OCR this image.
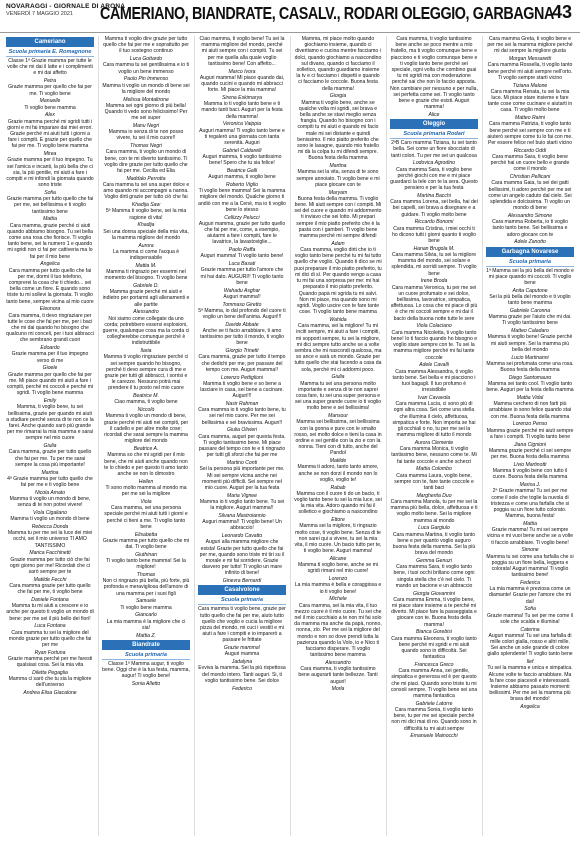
NOVARAGGI - GIORNALE DI ARONA
VENERDÌ 7 MAGGIO 2021 CAMERIANO, BIANDRATE, CASALV., RODARI OLEGGIO, GARBAGNA
43
Cameriano
Scuola primaria E. Romagnone

Classe 1ª Grazie mamma per tutte le volte che mi dai il latte e i complimenti e mi dai affetto

Petra

Grazie mamma per quello che fai per me. Ti voglio bene

Manuelle

Ti voglio bene mamma

Alex

Grazie mamma perché mi sgridi tutti i giorni e mi fai imparare dai miei errori. Grazie perché mi aiuti tutti i giorni a fare i compiti. E grazie per quello che fai per me. Ti voglio bene mamma

Mirea

Grazie mamma per il tuo impegno. Tu sei l'amica e incanti, la più bella che ci sia, la più gentile, mi aiuti a fare i compiti e mi infondi la giornata quando sono triste

Sofia

Grazie mamma per tutto quello che fai per me, sei bellissima e ti voglio tantissimo bene

Mattia

Cara mamma, grazie perché ci aiuti quando abbiamo bisogno. Tu sei bella come una rosa che fiorisce. Ti voglio tanto bene, sei la numero 1 e quando mi sgridi non ci fai per cattiveria ma lo fai per il mio bene

Angelica

Cara mamma per tutto quello che fai per me, dormi il tuo telefono, comprerei la cosa che ti chiedo... sei bella come un fiore. E quando sono triste tu mi sollevi la giornata. Ti voglio tanto bene, sempre vicina al mio cuore

Eleonora

Cara mamma, ti devo ringraziare per tutte le cose che fai per me, per i baci che mi dai quando ho bisogno che qualcuno mi conceli, per i tuoi abbracci che sembrano grandi cuori

Edoardo

Grazie mamma per il tuo impegno verso di me

Gioele

Grazie mamma per quello che fai per me. Mi piace quando mi aiuti a fare i compiti, perché mi coccoli e perché mi sgridi. Ti voglio bene mamma

Emily

Mamma, ti voglio bene, tu sei bellissima, grazie per quando mi aiuti a studiare perché senza di te non ce la farei. Anche quando sarò più grande per me rimarrai la mia mamma e sarai sempre nel mio cuore

Giulia

Cara mamma, grazie per tutto quello che fai per me. Tu per me sarai sempre la cosa più importante!

Martina

4ª Grazie mamma per tutto quello che fai per me e ti voglio bene

Nicola Amato

Mamma ti voglio un mondo di bene, senza di te non potrei vivere!

Viola Cigaliano

Mamma ti voglio un mondo di bene

Rebecca Donda

Mamma tu per me sei la luce dei miei occhi, sei il mio universo TI AMO TANTISSIMO

Marica Facchinetti

Grazie mamma per tutto ciò che fai ogni giorno per me! Ricordati che ci sarò sempre per te

Matilde Fecchi

Cara mamma grazie per tutto quello che fai per me, ti voglio bene

Daniele Fontana

Mamma tu mi aiuti a crescere e io anche per questo ti voglio un mondo di bene: per me sei il più bello dei fiori!

Luca Fontana

Cara mamma tu sei la migliore del mondo grazie per tutto quello che fai per me

Ryan Fortuna

Grazie mamma perché per me faresti qualsiasi cosa. Sei la mia vita

Diletta Pegaglia

Mamma ci sarò che tu sia la migliore dell'universo

Andrea Elisa Giacalone

Mamma ti voglio dire grazie per tutto quello che fai per me e soprattutto per il tuo sostegno continuo

Luca Gottardo

Cara mamma tu sei gentilissima e io ti voglio un bene immenso

Paolo Pin Immenso

Mamma ti voglio un mondo di bene sei la migliore del mondo

Melissa Montaltrone

Mamma sei ogni giorno di più bella! Quando ti vedo sono felicissimo! Per me sei super

Manu Negri

Mamma io senza di te non posso vivere, tu sei il mio cuore!!

Thomas Negri

Cara mamma, ti voglio un mondo di bene, con te mi diverto tantissimo. Ti voglio dire grazie per tutto quello che fai per me. Cecilia ed Elia

Maddalo Perrotta

Cara mamma tu sei una super dolce e amo quando mi accompagni a nanna. Voglio dirti grazie per tutto ciò che fai

Khadija Saw

5ª Mamma ti voglio bene, sei la mia ragione di vita!

Khadija

Sei una donna speciale della mia vita, la mamma migliore del mondo

Aurora

La mamma ci come l'acqua è indispensabile

Mattia M.

Mamma ti ringrazio per essermi nel momento del bisogno. Ti voglio bene

Gabriele D.

Mamma grazie perché mi aiuti e indietro per portarmi agli allenamenti e alle partite

Alessandro

Noi siamo come collegate da uno corda; potrebbero essersi esplosioni, guerre, qualunque cosa ma la corda ci collegherebbe comunque perché è indistruttibile

Ilaria

Mamma ti voglio ringraziare perché ci sei sempre quando ho bisogno, perché ti devo sempre cura di me e grazie per tutti gli abbracci, i sorrisi e le carezze. Nessuno potrà mai prendere il tu posto nel mio cuore

Beatrice M.

Ciao mamma, ti voglio bene

Niccolò

Mamma ti voglio un mondo di bene, grazie perché mi aiuti nei compiti, per il cadello e per altre molte cose; ricordati che sarai sempre la mamma migliore del mondo

Beatrice A.

Mamma so che mi sgridi per il mio bene, che mi aiuti anche quando non te lo chiedo e per questo ti amo tanto anche se non lo dimostro

Hellen

Ti sono molto mamma al mondo ma per me sei la migliore

Viola

Cara mamma, sei una persona speciale perché mi aiuti tutti i giorni e perché ci tieni a me. Ti voglio tanto bene

Elisabetta

Grazie mamma per tutto quello che mi dai. Ti voglio bene

Giuthinan

Ti voglio tanto bene mamma! Sei la migliore!

Thomas

Non ci ringrazio più bella, più forte, più profonda e meravigliosa dell'amore di una mamma per i suoi figli

Samuele

Ti voglio bene mamma

Giancarlo

La mia mamma è la migliore che ci sia!

Mattia Z.
Biandrate
Scuola primaria

Classe 1ª Mamma augur, ti voglio bene. Oggi che è la tua festa, mamma, augur! Ti voglio bene!

Sonia Alletto

Ciao mamma, ti voglio bene! Tu sei la mamma migliore del mondo, perché mi aiuti sempre con i compiti. Tu sei per me quella alla quale voglio tantissimo bene! Con affetto...

Marco Ivora

Auguri mamma! Mi piace quando dai, quando cucini e quando mi abbracci forte. Mi piace la mia mamma!

Sirena Eskimarya

Mamma io ti voglio tanto bene e ti mando tanti baci. Auguri per la festa della mamma!

Veronica Vaippia

Auguri mamma! Ti voglio tanto bene e ti regalerò una giornata con tanta serenità. Auguri

Gabriel Caldarelli

Auguri mamma, ti voglio tantissimo bene! Spero che tu sia felice!

Beatrice Galli

Auguri mamma, ti voglio bene

Roberto Viglio

Ti voglio bene mamma! Sei la mamma migliore del mondo. Qualche giorno ti andiò con me a la Cené, ma io ti voglio bene lo stesso

Cellizzy Pelucci

Auguri mamma, grazie per tutto quello che fai per me, come, a esempio, aiutarmi a fare i compiti, fare le lavatrice, la lavastoviglie...

Paolo Raffa

Auguri mamma! Ti voglio tanto bene!

Luca Basati

Grazie mamma per tutto l'amore che mi hai dato. AUGURI!! Ti voglio tanto bene

Wahadu Asghar

Auguri mamma!!

Tommaso Giretto

5ª Mamma, io dal profondo del cuore ti voglio un bene dell'anima. Auguri!!!

Davide Abbate

Anche se ti facio arrabbiare, ti amo tantissimo per tutto il mondo, ti voglio bene

Giorgio Trinetti

Cara mamma, grazie per tutto il tempo che dedichi per me, per passare del tempo con me. Auguri mamma!!

Lorenzo Pettiglioni

Mamma ti voglio bene e so bene a lasciare in casa, sei bene a cucinare. Auguri!!!

Nasir Rahman

Cara mamma io ti voglio tanto bene, tu sei nel mio cuore. Per me sei bellissima e sei bravissima. Auguri!!

Giulia Olivieri

Cara mamma, auguri per questa festa. Ti voglio tantissimo bene. Mi piace passare del tempo con te e ti ringrazio per tutti gli sforzi che fai per me

Martino Conti

Sei la persona più importante per me. Mi sei sempre vicina anche nei momenti più difficili. Sei sempre nel mio cuore. Auguri per la tua festa

Maria Vignee

Mamma io ti voglio tanto bene. Tu sei la migliore. Auguri mamma!!

Silvana Mastroiannio

Auguri mamma!! Ti voglio bene! Un abbraccio!

Leonardo Cavatto

Auguri alla mamma migliore che esista! Grazie per tutto quello che fai per me, quando sono triste mi tiri su il morale e mi fai sorridere. Grazie davvero per tutto! Ti voglio un mare infinito di bene!

Ginevra Bernardi
Casalvolone
Scuola primaria

Cara mamma ti voglio bene, grazie per tutto quello che fai per me, aiuto tutto quello che voglio e cucia la migliore pizza del mondo, mi cuci i vestiti e mi aiuti a fare i compiti e io imparerò a passare le frittate

Grazie mamma!

Auguri mamma

Jadalyna

Evviva la mamma. Sei la più rispettosa del mondo intero. Tanti auguri. Si, ti voglio tantissimo bene. Sei dolce

Federico

Mamma, mi piace molto quando giochiamo insieme, quando ci divertiamo e cucina mentre facciamo i dolci, quando giochiamo a nascondino sul divano, quando ci facciamo il solletico, quando guardiamo insieme la tv e ci facciamo i dispetti e quando ci facciamo le coccole. Buona festa della mamma!

Giorgia

Mamma ti voglio bene, anche se qualche volta mi sgridi, sei brava e bella anche se stavi meglio senza frangia. Quando ho bisogno con i compiti tu mi aiuti e quando mi facio male mi sei distante e quindi benissimo. Il mio piatto preferito che sono le lasagne, quando mio fratello mi dà la colpa tu mi difendi sempre. Buona festa della mamma

Martina

Mamma sei la vita, senza di te sono sempre annoiato. Ti voglio bene e mi piace giocare con te

Maryam

Buona festa della mamma. Ti voglio bene. Mi aiuti sempre con i compiti. Mi sei del cuore e quando mi addormento ti inviavo che sei lotto. Mi prepari sempre il mio piatto preferito che è la pasta con i gamberi. Ti voglio bene mamma perché mi sempre difendi

Adam

Cara mamma, voglio dirti che io ti voglio tanto bene perché tu mi fai tutto quello che voglio. Quando ti dico se mi puoi preparare il mio piatto preferito, tu mi dici di sì. Per quando vengo a casa tu mi fai una sorpresa per me: mi hai preparato il mio piatto preferito. Quando papà mi sgrida tu mi salvi. Non mi piace, ma quando sono mi sgridi. Voglio uscire con te fare tante cose. Ti voglio tanto bene mamma

Wahida

Cara mamma, sei la migliore! Tu mi inciti sempre, mi aiuti a fare i compiti, mi sopporti sempre, tu sei la migliore, mi dici sempre tutto anche se a volte sembra che mi nascondi qualcosa, ma so ance e sarà un mondo. Grazie per tutto quello che stai facendo a casa da sola, perché mi ci addormi poco.

Giulia

Mamma tu sei una persona molto importante e senza di te non saprei cosa fare, tu sei una super persona e sei una super grande cuore io ti voglio molto bene e sei bellissima!

Mansour

Mamma sei bellissima, sei bellissima con la gonna e pure con le smalto rosso, sei molto dolce e tieni la casa in ordine e sei gentile con la zio e con la nonna. Tieni con di tutto, anche del Pandol

Matilde

Mamma ti adoro, tanto tanto amore, anche se non dorzi il mondo non lo voglio, voglio te!

Rabab

Mamma con il cuore ti do un bacio, ti voglio tanto bene tu sei la mia luce, sei la mia vita. Adoro quando mi fai il solletico e giochiamo a nascondino

Ettore

Mamma sei la migliore, ti ringrazio molto cose, ti voglio bene. Senza di te non sarei qui a vivere, tu sei la mia vita, il mio cuore. Un bacio tutto per te, ti voglio bene. Auguri mamma!

Alicane

Mamma ti voglio bene, anche se mi sgridi rimani nel mio cuore!

Lorenzo

La mia mamma è bella e coraggiosa e io ti voglio bene!

Michele

Cara mamma, sei la mia vita, il tuo mezzo cuore è il mio cuore. Tu sei che nel il mio cucchiaio a te non mi fai solo da mamma ma anche da papà, nonno, nonna, zio. Per me sei la migliore del mondo e non so dove prendi tutta la pazienza quando la Volo, io e Nico ti facciamo disperare. Ti voglio tantissimo bene mamma

Alessandro

Cara mamma, ti voglio tantissimo bene augurarti tante bellezze. Tanti auguri!

Morla

Cara mamma, ti voglio tantissimo bene anche se poco mentre a mio fratello, ma ti voglio comunque bene e piacciono e ti voglio comunque bene e ti voglio tanto bene perché sei speciale, ogni volta che combino guai tu mi sgridi ma con moderazione perché sai che non lo faccio apposta. Non cambiare per nessuno e per nulla, sei perfetta come sei. Ti voglio tanto bene e grazie che esisti. Auguri mamma!

Alice
Oleggio
Scuola primaria Rodari

2ªB Caro mamma Tiziana, tu sei tanto bella. Sei come un fiore sbocciato di tanti colori. Tu per me sei un qualcosa

Lodovica Agrodino

Cara mamma Sara, ti voglio bene perché giochi con me e mi piace guardarci la tele con te la sera. Questo pensiero e per la tua festa

Martina Bacchi

Cara mamma Lorena, sei bella, hai dei bei capelli, sei brava a disegnare e a guidare. Ti voglio molto bene

Riccardo Bonomi

Cara mamma Cristina, i miei occhi ti ho dicono tutti i giorni quanto ti voglio bene

Hanan Brugola M.

Cara mamma Silvia, tu sei la migliore mamma del mondo, sei solare e splendida, mi sorridi sempre. Ti voglio bene

Irene Broda

Cara mamma Veronica, tu per me sei un cuore profumato e sei dolce, bellissima, lavoratrice, simpatica, affettuosa. Lo cosa che mi piace di più è che mi coccoli sempre e mi dai il bacio della buona notte tutte le sere

Viola Colaciano

Cara mamma Nicoletta, ti voglio tanto bene! Io ti faccio quando ho bisogno e voglio stare sempre con te. Tu sei la mamma migliore perché mi fai tante coccole

Adele Cavalli

Cara mamma Alessandra, ti voglio tanto bene. Sei bella e mi piacciono i tuoi bagagli. Il tuo profumo è irresistibile

Ivan Cavavola

Cara mamma Lucia, ci sono più di ogni altra cosa. Sei come una stella che illumina il cielo, affettuosa, simpatica e forte. Non importa se hai gli occhiali o no, tu per me sei la mamma migliore di tutto il mondo

Aurora Clemente

Cara mamma Monica, ti voglio tantissimo bene, nessuno come te. Mi fai tante coccole e anche scherzi

Mattia Colombo

Cara mamma Laura, voglio bene, sempre con te, fare tante coccole e tanti baci

Margherita Duo

Cara mamma Manola, tu per me sei la mamma più bella, dolce, affettuosa e ti voglio molto bene. Sei la migliore mamma al mondo

Luca Gargiulo

Cara mamma Martina, ti voglio tanto bene e per quanto voglio auguro buona festa della mamma. Sei la più brava del mondo

Gemma Genuzi

Cara mamma Sara, ti voglio tanto bene, i tuoi occhi brillano come ogni singola stella che c'è nel cielo. Ti mando un bacione e un abbraccio

Giorgia Giovannini

Cara mamma Emma, ti voglio bene, mi piace stare insieme a te perché mi diverto. Mi piace fare la passeggiata e giocare con te. Buona festa della mamma!

Bianca Gorebisi

Cara mamma Eleonora, ti voglio tanto bene perché mi sgridi e mi aiuti quando sono in difficoltà. Sei fantastica

Francesca Greco

Cara mamma Anna, sei gentile, simpatica e generosa ed è per questo che mi piaci. Quando sono triste tu mi consoli sempre. Ti voglio bene sei una mamma fantastica

Gabriele Latorre

Cara mamma Sonia, ti voglio tanto bene, tu per me sei speciale perché non mi dici mai di no. Quando sono in difficoltà tu mi aiuti sempre

Emanuele Mainocchi

Cara mamma Greta, ti voglio bene e per me sei la mamma migliore perché mi dai sempre la migliore giusta

Morgan Messaretti

Cara mamma Rossella, ti voglio tanto bene perché mi aiuti sempre nell'orto. Ti voglio sempre starti vicino

Tiziana Malone

Cara mamma Renata, tu sei la mia luce. Mi piace stare insieme e fare tante cose come cucinare e aiutarti in casa. Ti voglio molto bene

Matteo Raimi

Cara mamma Patrizia, ti voglio tanto bene perché sei sempre con me e ti aiuterò sempre come tu lo fai con me. Per essere felice nel buio starti vicino

Riccardo Oddi

Cara mamma Sara, ti voglio bene perché hai un cuore bello e grande come il mondo

Christian Pellicani

Cara mamma Gaia, tu sei dei gatti bellissimi, ti adoro perché per me sei come un angelo caduto dal cielo. Sei splendida e dolcissima. Ti voglio un mondo di bene

Alessandro Simone

Cara mamma Roberta, io ti voglio tanto tanto bene. Sei bellissima e adoro giocare con te

Adele Zanotto
Garbagna Novarese
Scuola primaria

1ª Mamma sei la più bella del mondo e mi piace quando mi coccoli. Ti voglio bene

Anita Caputone

Sei la più bella del mondo e ti voglio tanto bene mamma

Gabriele Caronna

Mamma grazie per l'aiuto che mi dai. Ti voglio tantissimo bene

Matteo Caladaro

Mamma ti voglio bene! Grazie perché mi aiuti sempre. Sei la mamma più bella del mondo

Lucio Martinanni

Mamma sei profumata come una rosa. Buona festa della mamma

Diego Santomauro

Mamma sei tanto cool. Ti voglio tanto bene. Auguri per la festa della mamma

Mattia Vidal

Mamma cerchero di non farti più arrabbiare io sono felice quando stai con me. Buona festa della mamma

Lorenzo Penso

Mamma grazie perché mi aiuti sempre a fare i compiti. Ti voglio tanto bene

Jiana Cignioni

Mamma grazie perché ci sei sempre per me. Buona festa della mamma

Livio Martinotti

Mamma ti voglio bene con tutto il cuore. Buona festa della mamma

Marisa J.

2ª Grazie mamma! Tu sei per me come il sole che toglie la nuvola di tristezza e come una farfalla che si poggia su un fiore tutto colorato. Mamma, buona festa!

Mattia

Grazie mamma! Tu mi sei sempre vicina e mi vuoi bene anche se a volte ti faccio arrabbiare. Ti voglio bene!

Simone

Mamma tu sei come una farfalla che si poggia su un fiore bella, leggera e colorata! Auguri mamma! Ti voglio tantissimo bene!

Federica

La mia mamma è preziosa come un diamante! Grazie per l'amore che mi dai!

Sofia

Grazie mamma! Tu sei per me come il sole che scalda e illumina!

Caterina

Auguri mamma! Tu sei una farfalla di mille colori gialla, rosso e altri mille. Sei anche un sole grande di colore giallo splendente! Ti voglio tanto bene

Ilef

Tu sei la mamma e unica e simpatica. Alcune volte te faccio arrabbiare. Ma fa fare cose piacevoli e interessanti. Insieme abbiamo passato momenti bellissimi. Per me sei la mamma più brava del mondo!

Angelica
